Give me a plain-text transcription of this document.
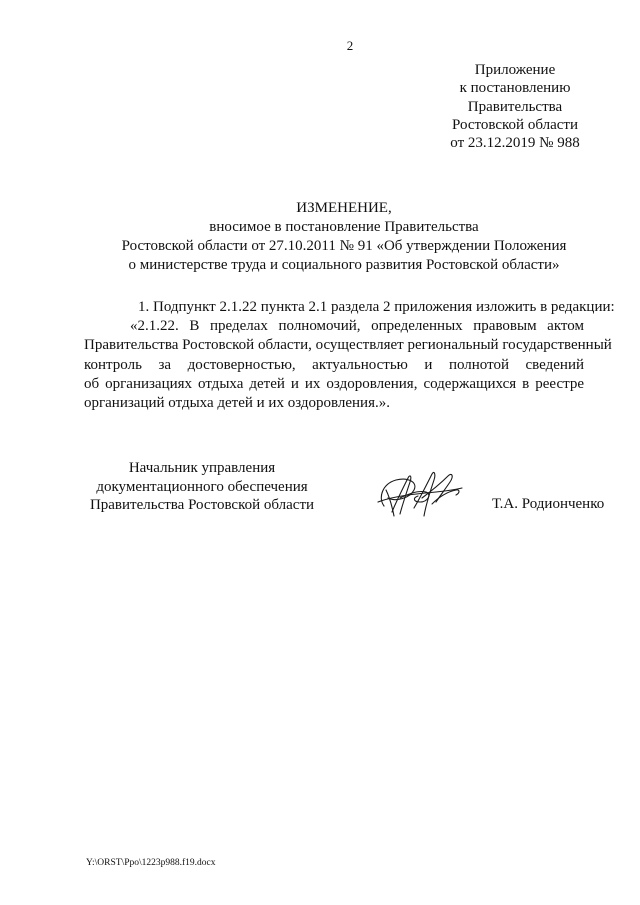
2
Приложение
к постановлению
Правительства
Ростовской области
от 23.12.2019 № 988
ИЗМЕНЕНИЕ,
вносимое в постановление Правительства
Ростовской области от 27.10.2011 № 91 «Об утверждении Положения
о министерстве труда и социального развития Ростовской области»
1. Подпункт 2.1.22 пункта 2.1 раздела 2 приложения изложить в редакции:
«2.1.22. В пределах полномочий, определенных правовым актом
Правительства Ростовской области, осуществляет региональный государственный
контроль за достоверностью, актуальностью и полнотой сведений
об организациях отдыха детей и их оздоровления, содержащихся в реестре
организаций отдыха детей и их оздоровления.».
Начальник управления
документационного обеспечения
Правительства Ростовской области	Т.А. Родионченко
Y:\ORST\Ppo\1223p988.f19.docx
